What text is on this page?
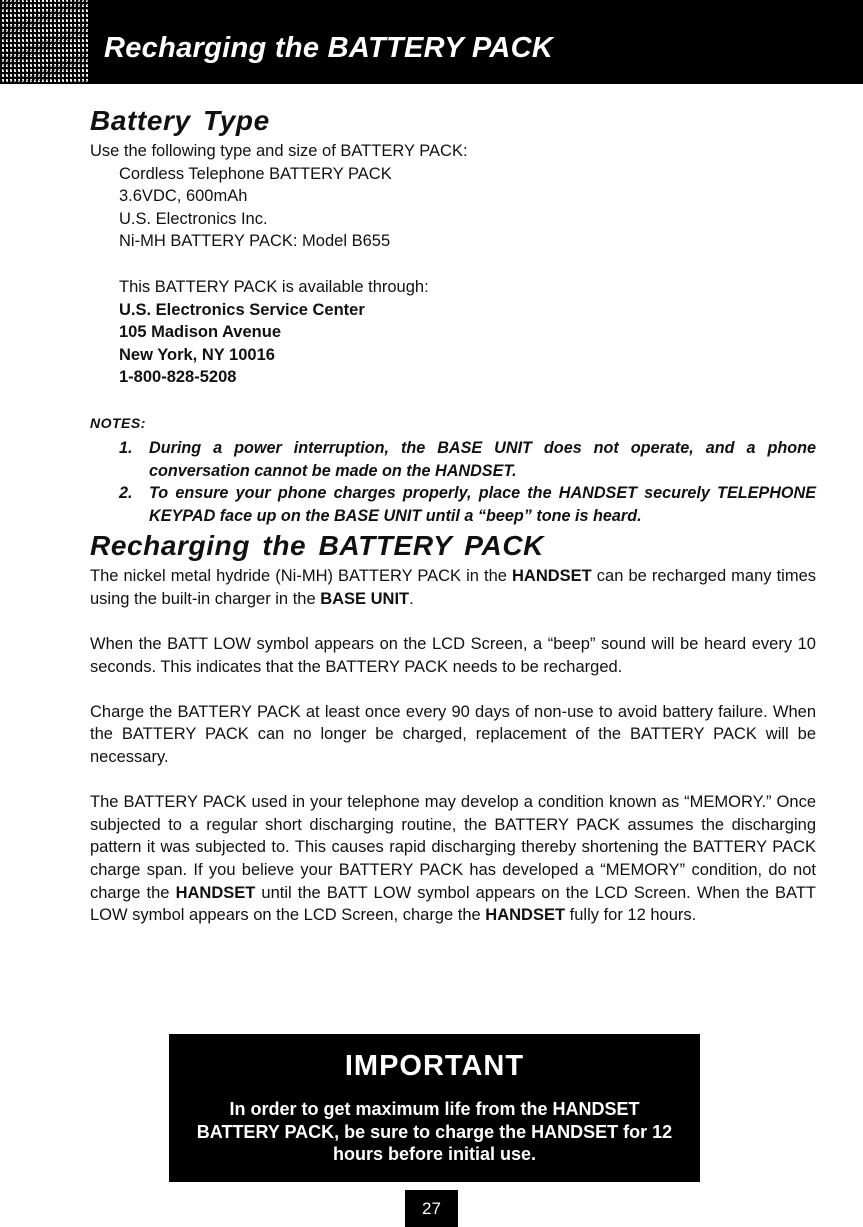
Recharging the BATTERY PACK
Battery Type

Use the following type and size of BATTERY PACK:

Cordless Telephone BATTERY PACK

3.6VDC, 600mAh

U.S. Electronics Inc.

Ni-MH BATTERY PACK: Model B655

This BATTERY PACK is available through:

U.S. Electronics Service Center

105 Madison Avenue

New York, NY 10016

1-800-828-5208

NOTES:
1. During a power interruption, the BASE UNIT does not operate, and a phone conversation cannot be made on the HANDSET.
2. To ensure your phone charges properly, place the HANDSET securely TELEPHONE KEYPAD face up on the BASE UNIT until a “beep” tone is heard.
Recharging the BATTERY PACK

The nickel metal hydride (Ni-MH) BATTERY PACK in the HANDSET can be recharged many times using the built-in charger in the BASE UNIT.

When the BATT LOW symbol appears on the LCD Screen, a “beep” sound will be heard every 10 seconds. This indicates that the BATTERY PACK needs to be recharged.

Charge the BATTERY PACK at least once every 90 days of non-use to avoid battery failure. When the BATTERY PACK can no longer be charged, replacement of the BATTERY PACK will be necessary.

The BATTERY PACK used in your telephone may develop a condition known as “MEMORY.” Once subjected to a regular short discharging routine, the BATTERY PACK assumes the discharging pattern it was subjected to. This causes rapid discharging thereby shortening the BATTERY PACK charge span. If you believe your BATTERY PACK has developed a “MEMORY” condition, do not charge the HANDSET until the BATT LOW symbol appears on the LCD Screen. When the BATT LOW symbol appears on the LCD Screen, charge the HANDSET fully for 12 hours.

IMPORTANT
In order to get maximum life from the HANDSET BATTERY PACK, be sure to charge the HANDSET for 12 hours before initial use.
27
